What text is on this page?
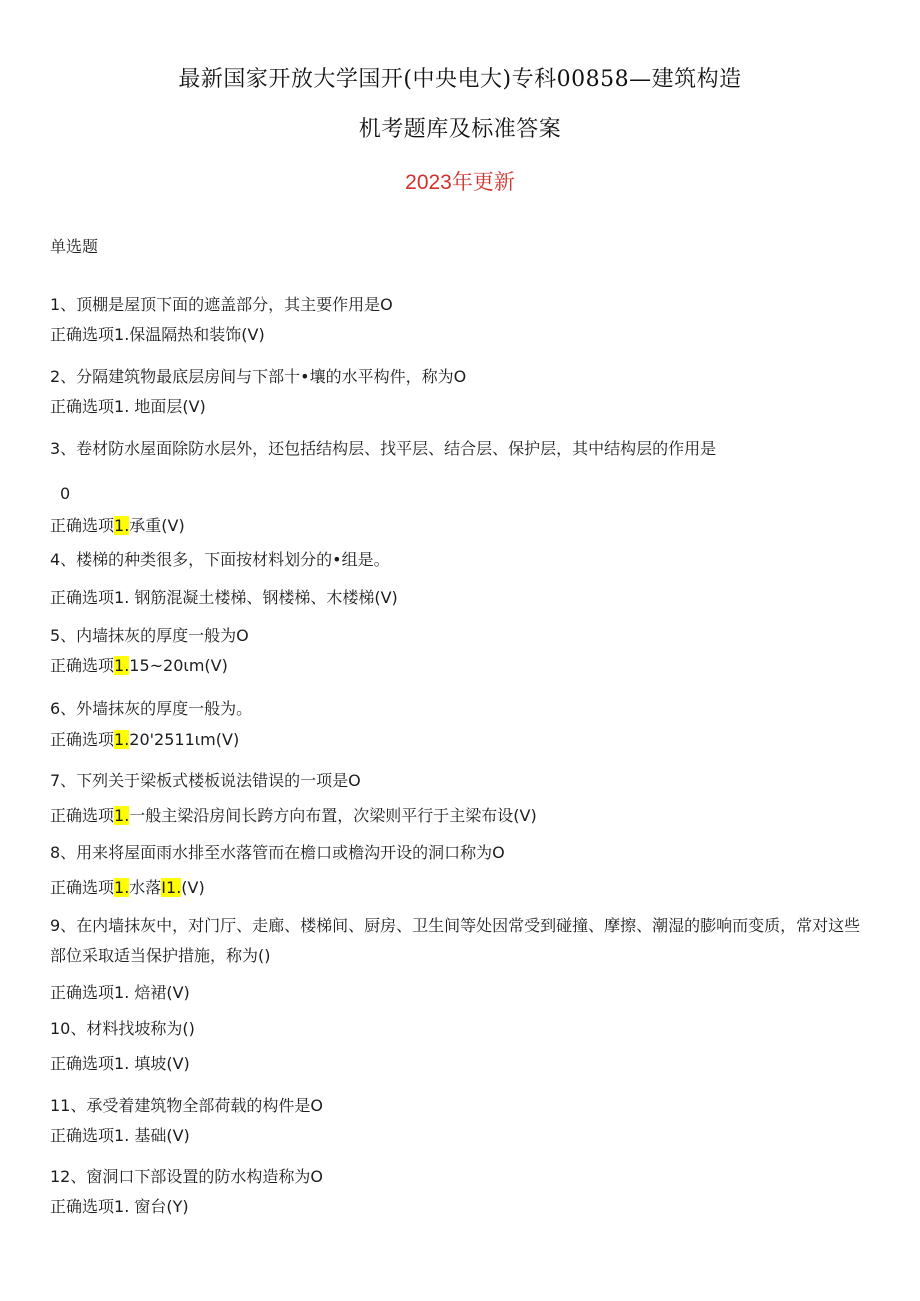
最新国家开放大学国开(中央电大)专科00858—建筑构造
机考题库及标准答案
2023年更新
单选题
1、顶棚是屋顶下面的遮盖部分，其主要作用是O
正确选项1.保温隔热和装饰(V)
2、分隔建筑物最底层房间与下部十•壤的水平构件，称为O
正确选项1. 地面层(V)
3、卷材防水屋面除防水层外，还包括结构层、找平层、结合层、保护层，其中结构层的作用是
0
正确选项1.承重(V)
4、楼梯的种类很多，下面按材料划分的•组是。
正确选项1. 钢筋混凝土楼梯、钢楼梯、木楼梯(V)
5、内墙抹灰的厚度一般为O
正确选项1.15~20ιm(V)
6、外墙抹灰的厚度一般为。
正确选项1.20'2511ιm(V)
7、下列关于梁板式楼板说法错误的一项是O
正确选项1.一般主梁沿房间长跨方向布置，次梁则平行于主梁布设(V)
8、用来将屋面雨水排至水落管而在檐口或檐沟开设的洞口称为O
正确选项1.水落I1.(V)
9、在内墙抹灰中，对门厅、走廊、楼梯间、厨房、卫生间等处因常受到碰撞、摩擦、潮湿的膨响而变质，常对这些部位采取适当保护措施，称为()
正确选项1. 焙裙(V)
10、材料找坡称为()
正确选项1. 填坡(V)
11、承受着建筑物全部荷载的构件是O
正确选项1. 基础(V)
12、窗洞口下部设置的防水构造称为O
正确选项1. 窗台(Y)
